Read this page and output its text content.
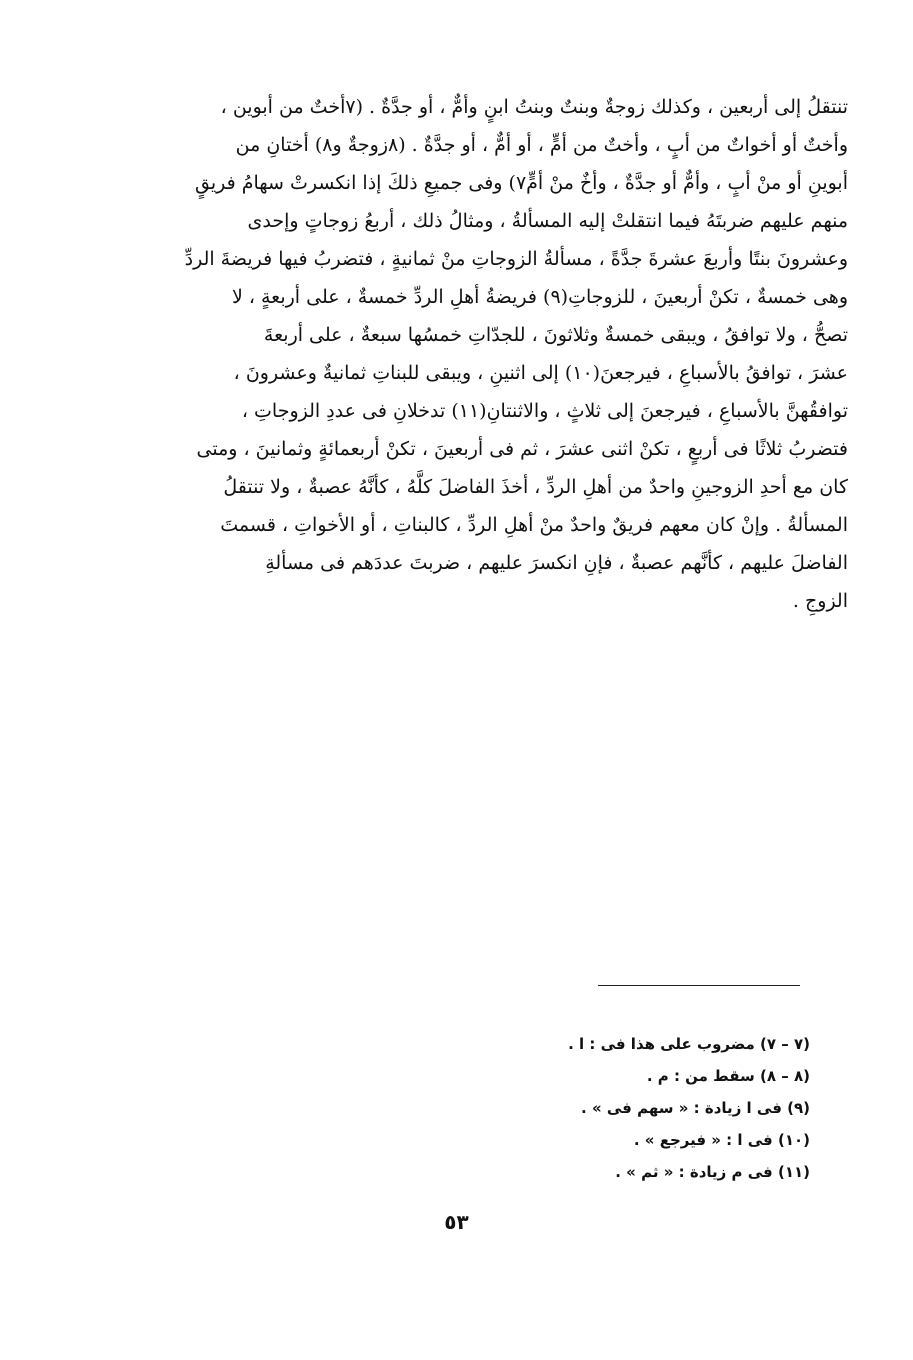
تنتقلُ إلى أربعين ، وكذلك زوجةٌ وبنتٌ وبنتُ ابنٍ وأمٌّ ، أو جدَّةٌ . (٧أختٌ من أبوين ،
وأختٌ أو أخواتٌ من أبٍ ، وأختٌ من أمٍّ ، أو أمٌّ ، أو جدَّةٌ . (٨زوجةٌ و٨) أختانِ من
أبوينِ أو منْ أبٍ ، وأمٌّ أو جدَّةٌ ، وأخٌ منْ أمٍّ٧) وفى جميعِ ذلكَ إذا انكسرتْ سهامُ فريقٍ
منهم عليهم ضربتَهُ فيما انتقلتْ إليه المسألةُ ، ومثالُ ذلك ، أربعُ زوجاتٍ وإحدى
وعشرونَ بنتًا وأربعَ عشرةَ جدَّةً ، مسألةُ الزوجاتِ منْ ثمانيةٍ ، فتضربُ فيها فريضةَ الردِّ
وهى خمسةٌ ، تكنْ أربعينَ ، للزوجاتِ(٩) فريضةُ أهلِ الردِّ خمسةٌ ، على أربعةٍ ، لا
تصحُّ ، ولا توافقُ ، ويبقى خمسةٌ وثلاثونَ ، للجدّاتِ خمسُها سبعةٌ ، على أربعةَ
عشرَ ، توافقُ بالأسباعِ ، فيرجعنَ(١٠) إلى اثنينِ ، ويبقى للبناتِ ثمانيةٌ وعشرونَ ،
توافقُهنَّ بالأسباعِ ، فيرجعنَ إلى ثلاثٍ ، والاثنتانِ(١١) تدخلانِ فى عددِ الزوجاتِ ،
فتضربُ ثلاثًا فى أربعٍ ، تكنْ اثنى عشرَ ، ثم فى أربعينَ ، تكنْ أربعمائةٍ وثمانينَ ، ومتى
كان مع أحدِ الزوجينِ واحدٌ من أهلِ الردِّ ، أخذَ الفاضلَ كلَّهُ ، كأنَّهُ عصبةٌ ، ولا تنتقلُ
المسألةُ . وإنْ كان معهم فريقٌ واحدٌ منْ أهلِ الردِّ ، كالبناتِ ، أو الأخواتِ ، قسمتَ
الفاضلَ عليهم ، كأنَّهم عصبةٌ ، فإنِ انكسرَ عليهم ، ضربتَ عددَهم فى مسألةِ
الزوجِ .
(٧ – ٧) مضروب على هذا فى : ا .
(٨ – ٨) سقط من : م .
(٩) فى ا زيادة : « سهم فى » .
(١٠) فى ا : « فيرجع » .
(١١) فى م زيادة : « ثم » .
٥٣
